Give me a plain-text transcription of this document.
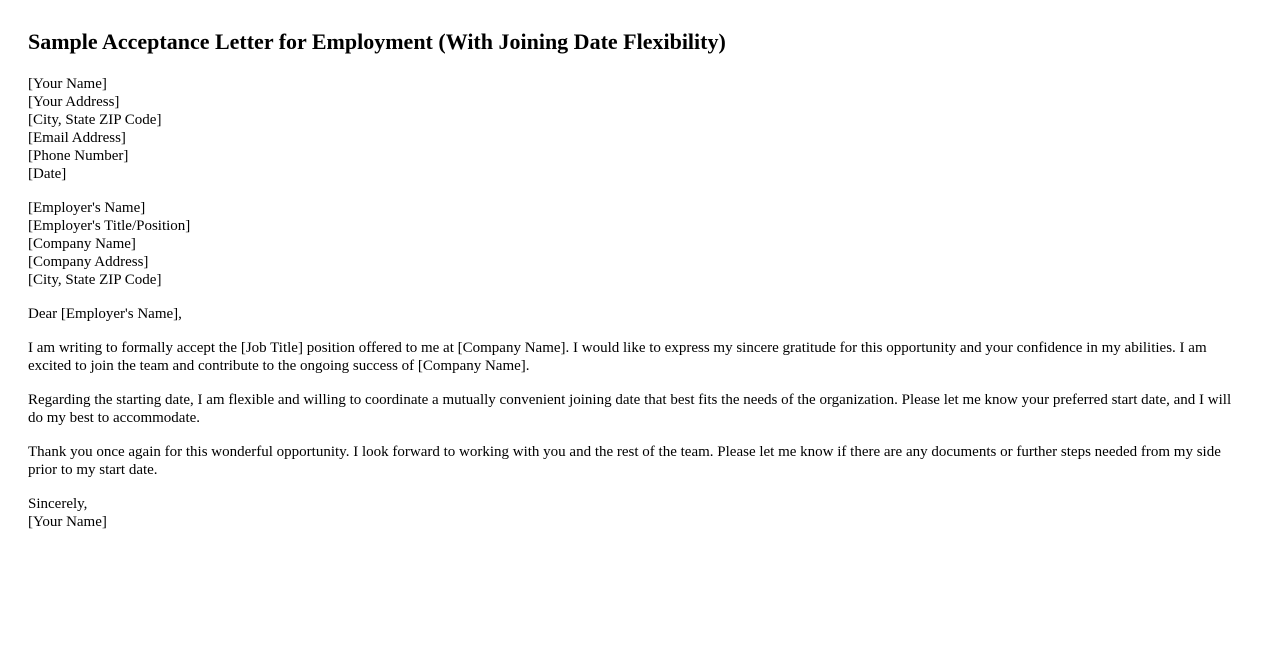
Sample Acceptance Letter for Employment (With Joining Date Flexibility)
[Your Name]
[Your Address]
[City, State ZIP Code]
[Email Address]
[Phone Number]
[Date]
[Employer's Name]
[Employer's Title/Position]
[Company Name]
[Company Address]
[City, State ZIP Code]

Dear [Employer's Name],

I am writing to formally accept the [Job Title] position offered to me at [Company Name]. I would like to express my sincere gratitude for this opportunity and your confidence in my abilities. I am excited to join the team and contribute to the ongoing success of [Company Name].

Regarding the starting date, I am flexible and willing to coordinate a mutually convenient joining date that best fits the needs of the organization. Please let me know your preferred start date, and I will do my best to accommodate.

Thank you once again for this wonderful opportunity. I look forward to working with you and the rest of the team. Please let me know if there are any documents or further steps needed from my side prior to my start date.

Sincerely,
[Your Name]
